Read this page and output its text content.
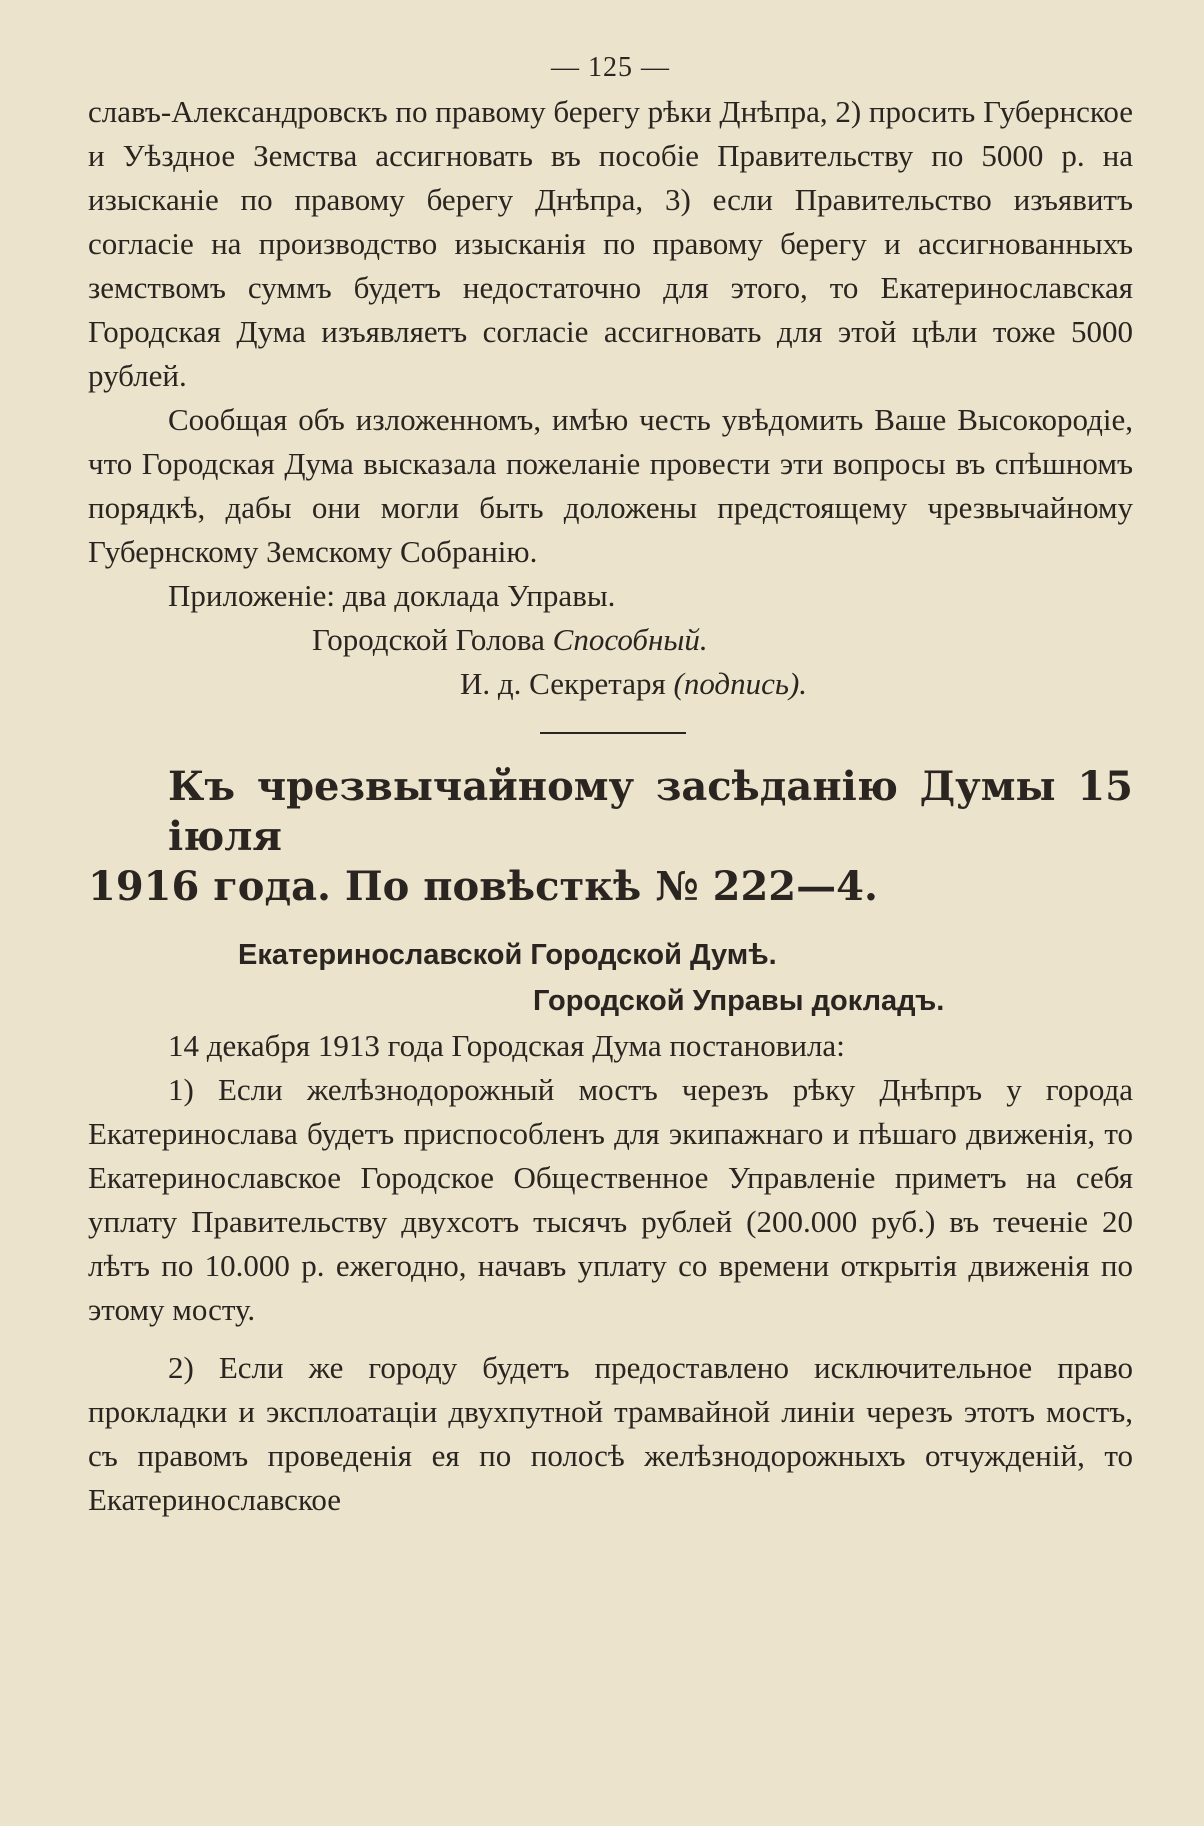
— 125 —

славъ-Александровскъ по правому берегу рѣки Днѣпра, 2) просить Губернское и Уѣздное Земства ассигновать въ пособіе Правительству по 5000 р. на изысканіе по правому берегу Днѣпра, 3) если Правительство изъявитъ согласіе на производство изысканія по правому берегу и ассигнованныхъ земствомъ суммъ будетъ недостаточно для этого, то Екатеринославская Городская Дума изъявляетъ согласіе ассигновать для этой цѣли тоже 5000 рублей.

Сообщая объ изложенномъ, имѣю честь увѣдомить Ваше Высокородіе, что Городская Дума высказала пожеланіе провести эти вопросы въ спѣшномъ порядкѣ, дабы они могли быть доложены предстоящему чрезвычайному Губернскому Земскому Собранію.

Приложеніе: два доклада Управы.

Городской Голова Способный.

И. д. Секретаря (подпись).

Къ чрезвычайному засѣданію Думы 15 іюля
1916 года. По повѣсткѣ № 222—4.

Екатеринославской Городской Думѣ.

Городской Управы докладъ.

14 декабря 1913 года Городская Дума постановила:

1) Если желѣзнодорожный мостъ черезъ рѣку Днѣпръ у города Екатеринослава будетъ приспособленъ для экипажнаго и пѣшаго движенія, то Екатеринославское Городское Общественное Управленіе приметъ на себя уплату Правительству двухсотъ тысячъ рублей (200.000 руб.) въ теченіе 20 лѣтъ по 10.000 р. ежегодно, начавъ уплату со времени открытія движенія по этому мосту.

2) Если же городу будетъ предоставлено исключительное право прокладки и эксплоатаціи двухпутной трамвайной линіи черезъ этотъ мостъ, съ правомъ проведенія ея по полосѣ желѣзнодорожныхъ отчужденій, то Екатеринославское
